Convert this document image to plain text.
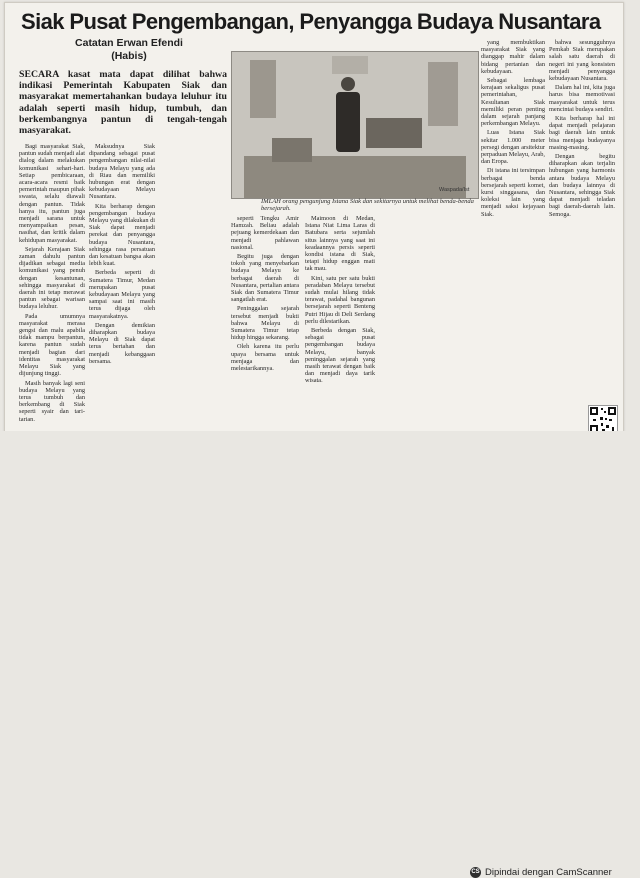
Siak Pusat Pengembangan, Penyangga Budaya Nusantara
Catatan Erwan Efendi
(Habis)
SECARA kasat mata dapat dilihat bahwa indikasi Pemerintah Kabupaten Siak dan masyarakat memertahankan budaya leluhur itu adalah seperti masih hidup, tumbuh, dan berkembangnya pantun di tengah-tengah masyarakat.

Bagi masyarakat Siak, pantun sudah menjadi alat dialog dalam melakukan komunikasi sehari-hari. Setiap pembicaraan, acara-acara resmi baik pemerintah maupun pihak swasta, selalu diawali dengan pantun. Tidak hanya itu, pantun juga menjadi sarana untuk menyampaikan pesan, nasihat, dan kritik dalam kehidupan masyarakat.

Sejarah Kerajaan Siak zaman dahulu pantun dijadikan sebagai media komunikasi yang penuh dengan kesantunan, sehingga masyarakat di daerah ini tetap merawat pantun sebagai warisan budaya leluhur.

Pada umumnya masyarakat merasa gengsi dan malu apabila tidak mampu berpantun, karena pantun sudah menjadi bagian dari identitas masyarakat Melayu Siak yang dijunjung tinggi.

Masih banyak lagi seni budaya Melayu yang terus tumbuh dan berkembang di Siak seperti syair dan tari-tarian.

Maksudnya Siak dipandang sebagai pusat pengembangan nilai-nilai budaya Melayu yang ada di Riau dan memiliki hubungan erat dengan kebudayaan Melayu Nusantara.

Kita berharap dengan pengembangan budaya Melayu yang dilakukan di Siak dapat menjadi perekat dan penyangga budaya Nusantara, sehingga rasa persatuan dan kesatuan bangsa akan lebih kuat.

Berbeda seperti di Sumatera Timur, Medan merupakan pusat kebudayaan Melayu yang sampai saat ini masih terus dijaga oleh masyarakatnya.

Dengan demikian diharapkan budaya Melayu di Siak dapat terus bertahan dan menjadi kebanggaan bersama.

seperti Tengku Amir Hamzah. Beliau adalah pejuang kemerdekaan dan menjadi pahlawan nasional.

Begitu juga dengan tokoh yang menyebarkan budaya Melayu ke berbagai daerah di Nusantara, pertalian antara Siak dan Sumatera Timur sangatlah erat.

Peninggalan sejarah tersebut menjadi bukti bahwa Melayu di Sumatera Timur tetap hidup hingga sekarang.

Oleh karena itu perlu upaya bersama untuk menjaga dan melestarikannya.

Maimoon di Medan, Istana Niat Lima Laras di Batubara serta sejumlah situs lainnya yang saat ini keadaannya persis seperti kondisi istana di Siak, tetapi hidup enggan mati tak mau.

Kini, satu per satu bukti peradaban Melayu tersebut sudah mulai hilang tidak terawat, padahal bangunan bersejarah seperti Benteng Putri Hijau di Deli Serdang perlu dilestarikan.

Berbeda dengan Siak, sebagai pusat pengembangan budaya Melayu, banyak peninggalan sejarah yang masih terawat dengan baik dan menjadi daya tarik wisata.

yang membuktikan masyarakat Siak yang dianggap mahir dalam bidang pertanian dan kebudayaan.

Sebagai lembaga kerajaan sekaligus pusat pemerintahan, Kesultanan Siak memiliki peran penting dalam sejarah panjang perkembangan Melayu.

Luas Istana Siak sekitar 1.000 meter persegi dengan arsitektur perpaduan Melayu, Arab, dan Eropa.

Di istana ini tersimpan berbagai benda bersejarah seperti komet, kursi singgasana, dan koleksi lain yang menjadi saksi kejayaan Siak.

bahwa sesungguhnya Pemkab Siak merupakan salah satu daerah di negeri ini yang konsisten menjadi penyangga kebudayaan Nusantara.

Dalam hal ini, kita juga harus bisa memotivasi masyarakat untuk terus mencintai budaya sendiri.

Kita berharap hal ini dapat menjadi pelajaran bagi daerah lain untuk bisa menjaga budayanya masing-masing.

Dengan begitu diharapkan akan terjalin hubungan yang harmonis antara budaya Melayu dan budaya lainnya di Nusantara, sehingga Siak dapat menjadi teladan bagi daerah-daerah lain. Semoga.

Waspada/Ist
IMLAH orang pengunjung Istana Siak dan sekitarnya untuk melihat benda-benda bersejarah.
CS Dipindai dengan CamScanner
